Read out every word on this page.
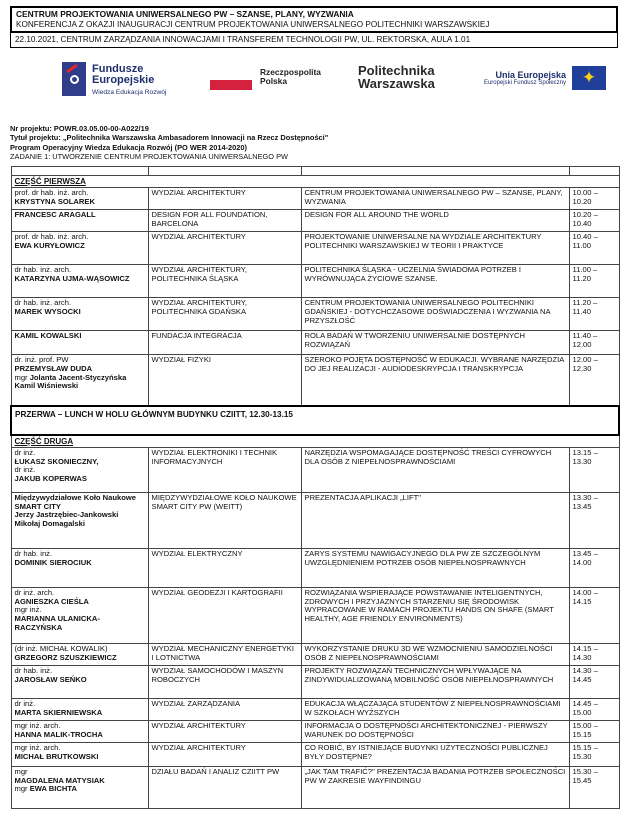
CENTRUM PROJEKTOWANIA UNIWERSALNEGO PW – SZANSE, PLANY, WYZWANIA
KONFERENCJA Z OKAZJI INAUGURACJI CENTRUM PROJEKTOWANIA UNIWERSALNEGO POLITECHNIKI WARSZAWSKIEJ
22.10.2021, CENTRUM ZARZĄDZANIA INNOWACJAMI I TRANSFEREM TECHNOLOGII PW, UL. REKTORSKA, AULA 1.01
Fundusze
Europejskie
Wiedza Edukacja Rozwój
Rzeczpospolita
Polska
Politechnika
Warszawska
Unia Europejska
Europejski Fundusz Społeczny ✦
Nr projektu: POWR.03.05.00-00-A022/19
Tytuł projektu: „Politechnika Warszawska Ambasadorem Innowacji na Rzecz Dostępności"
Program Operacyjny Wiedza Edukacja Rozwój (PO WER 2014-2020)
ZADANIE 1: UTWORZENIE CENTRUM PROJEKTOWANIA UNIWERSALNEGO PW

CZĘŚĆ PIERWSZA			

prof. dr hab. inż. arch.
KRYSTYNA SOLAREK	WYDZIAŁ ARCHITEKTURY	CENTRUM PROJEKTOWANIA UNIWERSALNEGO PW – SZANSE, PLANY, WYZWANIA	10.00 – 10.20

FRANCESC ARAGALL	DESIGN FOR ALL FOUNDATION, BARCELONA	DESIGN FOR ALL AROUND THE WORLD	10.20 – 10.40

prof. dr hab. inż. arch.
EWA KURYŁOWICZ	WYDZIAŁ ARCHITEKTURY	PROJEKTOWANIE UNIWERSALNE NA WYDZIALE ARCHITEKTURY POLITECHNIKI WARSZAWSKIEJ W TEORII I PRAKTYCE	10.40 – 11.00

dr hab. inż. arch.
KATARZYNA UJMA-WĄSOWICZ	WYDZIAŁ ARCHITEKTURY, POLITECHNIKA ŚLĄSKA	POLITECHNIKA ŚLĄSKA - UCZELNIA ŚWIADOMA POTRZEB I WYRÓWNUJĄCA ŻYCIOWE SZANSE.	11.00 – 11.20

dr hab. inż. arch.
MAREK WYSOCKI	WYDZIAŁ ARCHITEKTURY, POLITECHNIKA GDAŃSKA	CENTRUM PROJEKTOWANIA UNIWERSALNEGO POLITECHNIKI GDAŃSKIEJ - DOTYCHCZASOWE DOŚWIADCZENIA I WYZWANIA NA PRZYSZŁOŚĆ	11.20 – 11.40

KAMIL KOWALSKI	FUNDACJA INTEGRACJA	ROLA BADAŃ W TWORZENIU UNIWERSALNIE DOSTĘPNYCH ROZWIĄZAŃ	11.40 – 12.00

dr. inż. prof. PW
PRZEMYSŁAW DUDA
mgr Jolanta Jacent-Styczyńska
Kamil Wiśniewski	WYDZIAŁ FIZYKI	SZEROKO POJĘTA DOSTĘPNOŚĆ W EDUKACJI. WYBRANE NARZĘDZIA DO JEJ REALIZACJI - AUDIODESKRYPCJA I TRANSKRYPCJA	12.00 – 12.30
PRZERWA – LUNCH W HOLU GŁÓWNYM BUDYNKU CZIITT, 12.30-13.15			
CZĘŚĆ DRUGA			

dr inż.
ŁUKASZ SKONIECZNY,
dr inż.
JAKUB KOPERWAS	WYDZIAŁ ELEKTRONIKI I TECHNIK INFORMACYJNYCH	NARZĘDZIA WSPOMAGAJĄCE DOSTĘPNOŚĆ TREŚCI CYFROWYCH DLA OSÓB Z NIEPEŁNOSPRAWNOŚCIAMI	13.15 – 13.30

Międzywydziałowe Koło Naukowe SMART CITY
Jerzy Jastrzębiec-Jankowski
Mikołaj Domagalski	MIĘDZYWYDZIAŁOWE KOŁO NAUKOWE SMART CITY PW (WEITT)	PREZENTACJA APLIKACJI „LIFT"	13.30 – 13.45

dr hab. inż.
DOMINIK SIEROCIUK	WYDZIAŁ ELEKTRYCZNY	ZARYS SYSTEMU NAWIGACYJNEGO DLA PW ZE SZCZEGÓLNYM UWZGLĘDNIENIEM POTRZEB OSÓB NIEPEŁNOSPRAWNYCH	13.45 – 14.00

dr inż. arch.
AGNIESZKA CIEŚLA
mgr inż.
MARIANNA ULANICKA-RACZYŃSKA	WYDZIAŁ GEODEZJI I KARTOGRAFII	ROZWIĄZANIA WSPIERAJĄCE POWSTAWANIE INTELIGENTNYCH, ZDROWYCH I PRZYJAZNYCH STARZENIU SIĘ ŚRODOWISK WYPRACOWANE W RAMACH PROJEKTU HANDS ON SHAFE (SMART HEALTHY, AGE FRIENDLY ENVIRONMENTS)	14.00 – 14.15

(dr inż. MICHAŁ KOWALIK)
GRZEGORZ SZUSZKIEWICZ	WYDZIAŁ MECHANICZNY ENERGETYKI I LOTNICTWA	WYKORZYSTANIE DRUKU 3D WE WZMOCNIENIU SAMODZIELNOŚCI OSÓB Z NIEPEŁNOSPRAWNOŚCIAMI	14.15 – 14.30

dr hab. inż.
JAROSŁAW SEŃKO	WYDZIAŁ SAMOCHODÓW I MASZYN ROBOCZYCH	PROJEKTY ROZWIĄZAŃ TECHNICZNYCH WPŁYWAJĄCE NA ZINDYWIDUALIZOWANĄ MOBILNOŚĆ OSÓB NIEPEŁNOSPRAWNYCH	14.30 – 14.45

dr inż.
MARTA SKIERNIEWSKA	WYDZIAŁ ZARZĄDZANIA	EDUKACJA WŁĄCZAJĄCA STUDENTÓW Z NIEPEŁNOSPRAWNOŚCIAMI W SZKOŁACH WYŻSZYCH	14.45 – 15.00

mgr inż. arch.
HANNA MALIK-TROCHA	WYDZIAŁ ARCHITEKTURY	INFORMACJA O DOSTĘPNOŚCI ARCHITEKTONICZNEJ - PIERWSZY WARUNEK DO DOSTĘPNOŚCI	15.00 – 15.15

mgr inż. arch.
MICHAŁ BRUTKOWSKI	WYDZIAŁ ARCHITEKTURY	CO ROBIĆ, BY ISTNIEJĄCE BUDYNKI UŻYTECZNOŚCI PUBLICZNEJ BYŁY DOSTĘPNE?	15.15 – 15.30

mgr
MAGDALENA MATYSIAK
mgr EWA BICHTA	DZIAŁU BADAŃ I ANALIZ CZIITT PW	„JAK TAM TRAFIĆ?" PREZENTACJA BADANIA POTRZEB SPOŁECZNOŚCI PW W ZAKRESIE WAYFINDINGU	15.30 – 15.45
